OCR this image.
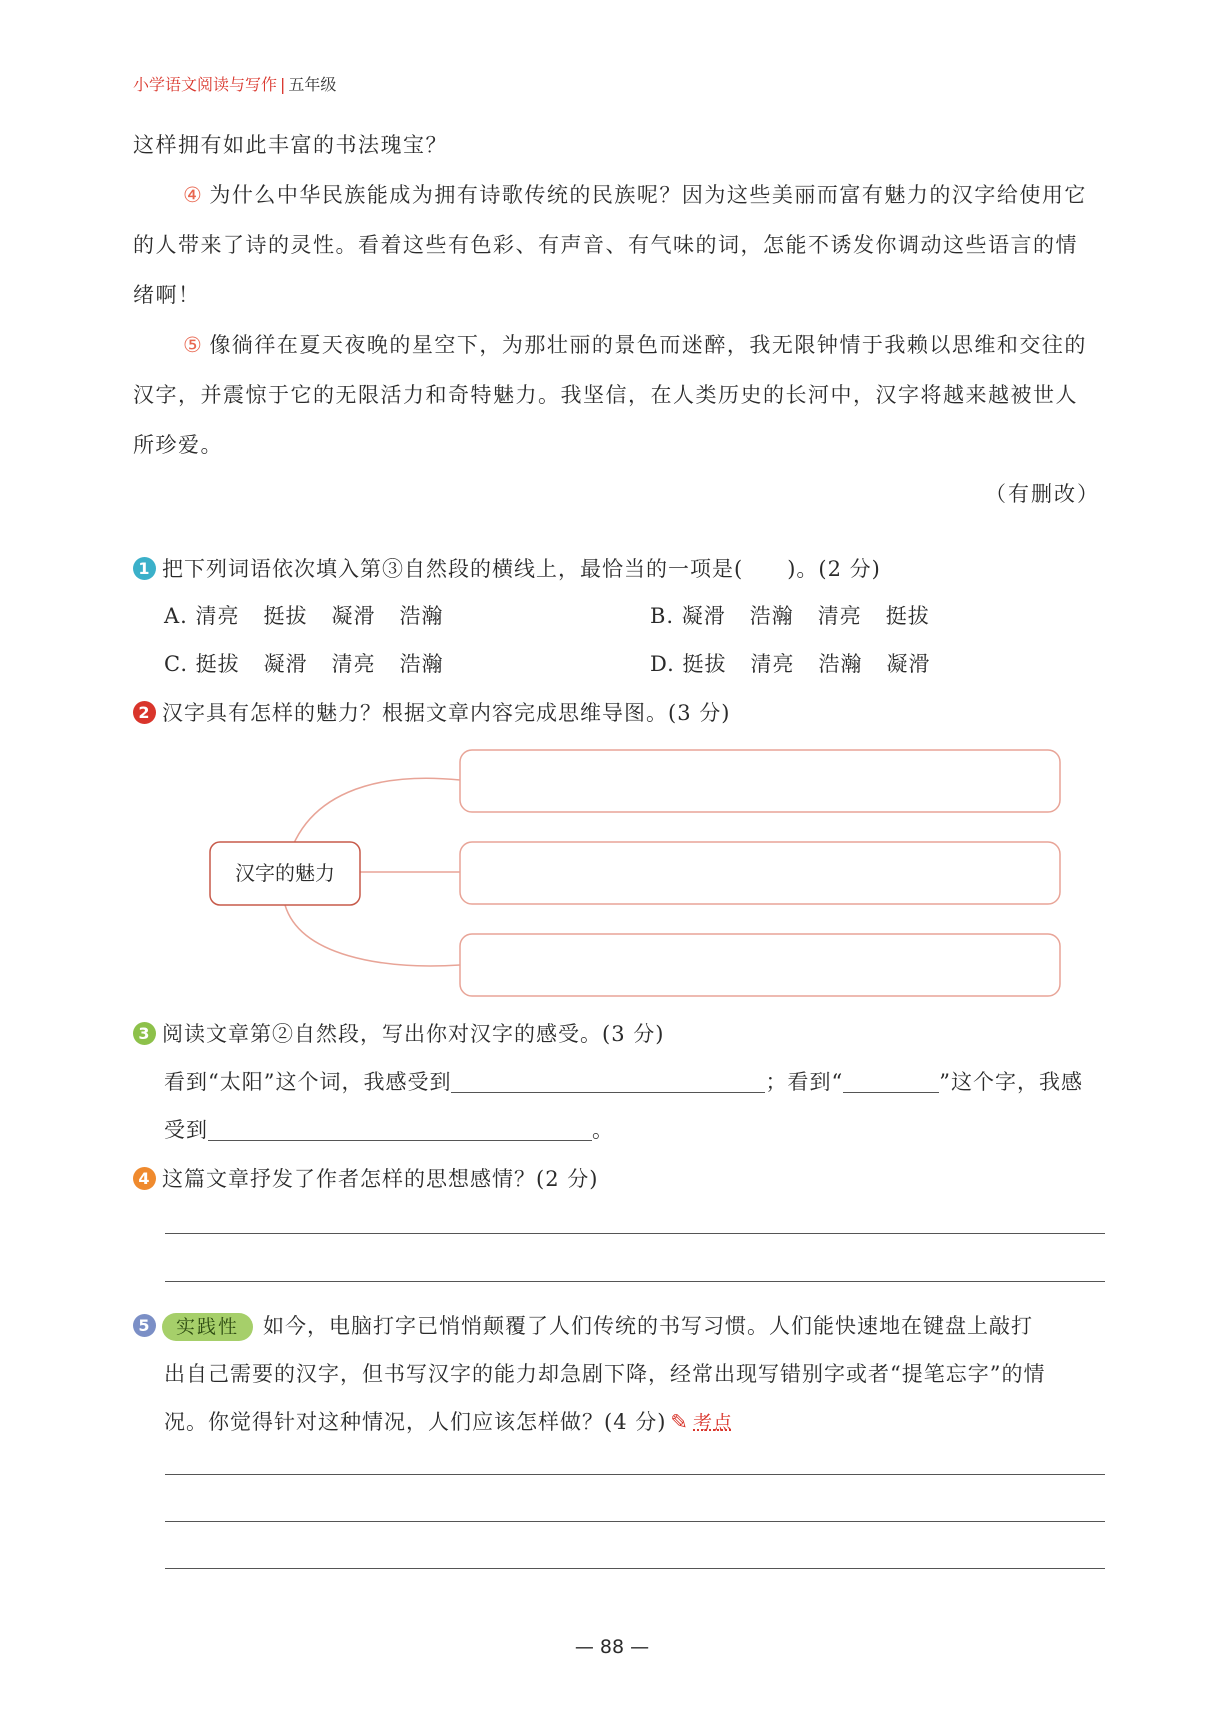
小学语文阅读与写作 | 五年级
这样拥有如此丰富的书法瑰宝？
④ 为什么中华民族能成为拥有诗歌传统的民族呢？因为这些美丽而富有魅力的汉字给使用它的人带来了诗的灵性。看着这些有色彩、有声音、有气味的词，怎能不诱发你调动这些语言的情绪啊！
⑤ 像徜徉在夏天夜晚的星空下，为那壮丽的景色而迷醉，我无限钟情于我赖以思维和交往的汉字，并震惊于它的无限活力和奇特魅力。我坚信，在人类历史的长河中，汉字将越来越被世人所珍爱。
（有删改）
1 把下列词语依次填入第③自然段的横线上，最恰当的一项是(　　)。(2 分)
A. 清亮 挺拔 凝滑 浩瀚	B. 凝滑 浩瀚 清亮 挺拔
C. 挺拔 凝滑 清亮 浩瀚	D. 挺拔 清亮 浩瀚 凝滑
2 汉字具有怎样的魅力？根据文章内容完成思维导图。(3 分)
汉字的魅力
3 阅读文章第②自然段，写出你对汉字的感受。(3 分)
看到“太阳”这个词，我感受到	；看到“	”这个字，我感
受到	。
4 这篇文章抒发了作者怎样的思想感情？(2 分)
5 实践性 如今，电脑打字已悄悄颠覆了人们传统的书写习惯。人们能快速地在键盘上敲打
出自己需要的汉字，但书写汉字的能力却急剧下降，经常出现写错别字或者“提笔忘字”的情
况。你觉得针对这种情况，人们应该怎样做？(4 分) ✎ 考点
— 88 —
